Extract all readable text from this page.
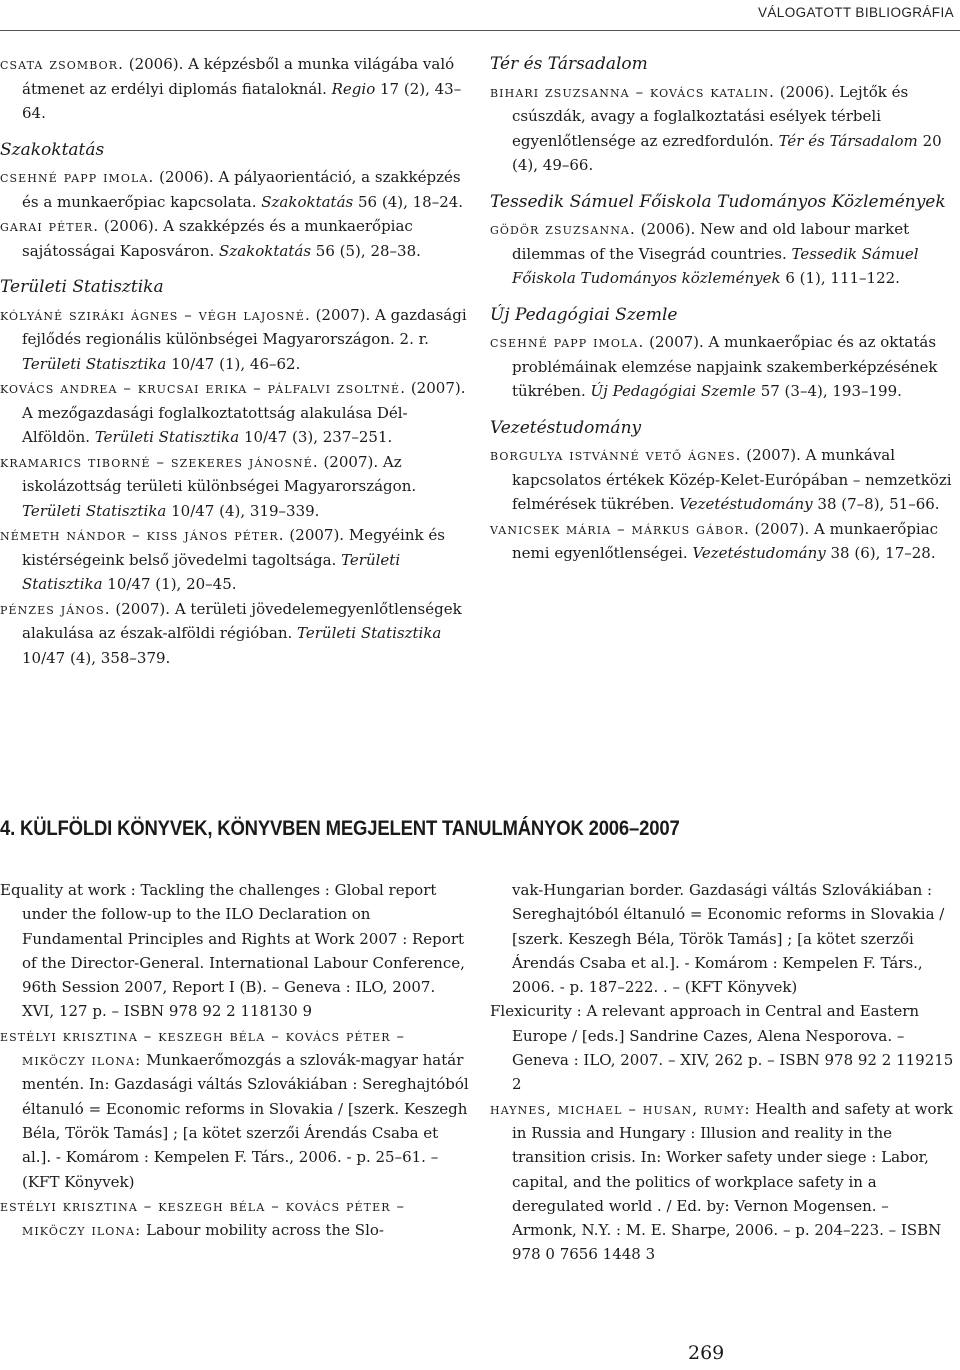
VÁLOGATOTT BIBLIOGRÁFIA

csata zsombor. (2006). A képzésből a munka világába való átmenet az erdélyi diplomás fiataloknál. Regio 17 (2), 43–64.

Szakoktatás

csehné papp imola. (2006). A pályaorientáció, a szakképzés és a munkaerőpiac kapcsolata. Szakoktatás 56 (4), 18–24.

garai péter. (2006). A szakképzés és a munkaerőpiac sajátosságai Kaposváron. Szakoktatás 56 (5), 28–38.

Területi Statisztika

kólyáné sziráki ágnes – végh lajosné. (2007). A gazdasági fejlődés regionális különbségei Magyarországon. 2. r. Területi Statisztika 10/47 (1), 46–62.

kovács andrea – krucsai erika – pálfalvi zsoltné. (2007). A mezőgazdasági foglalkoztatottság alakulása Dél-Alföldön. Területi Statisztika 10/47 (3), 237–251.

kramarics tiborné – szekeres jánosné. (2007). Az iskolázottság területi különbségei Magyarországon. Területi Statisztika 10/47 (4), 319–339.

németh nándor – kiss jános péter. (2007). Megyéink és kistérségeink belső jövedelmi tagoltsága. Területi Statisztika 10/47 (1), 20–45.

pénzes jános. (2007). A területi jövedelemegyenlőtlenségek alakulása az észak-alföldi régióban. Területi Statisztika 10/47 (4), 358–379.

Tér és Társadalom

bihari zsuzsanna – kovács katalin. (2006). Lejtők és csúszdák, avagy a foglalkoztatási esélyek térbeli egyenlőtlensége az ezredfordulón. Tér és Társadalom 20 (4), 49–66.

Tessedik Sámuel Főiskola Tudományos Közlemények

gödör zsuzsanna. (2006). New and old labour market dilemmas of the Visegrád countries. Tessedik Sámuel Főiskola Tudományos közlemények 6 (1), 111–122.

Új Pedagógiai Szemle

csehné papp imola. (2007). A munkaerőpiac és az oktatás problémáinak elemzése napjaink szakemberképzésének tükrében. Új Pedagógiai Szemle 57 (3–4), 193–199.

Vezetéstudomány

borgulya istvánné vető ágnes. (2007). A munkával kapcsolatos értékek Közép-Kelet-Európában – nemzetközi felmérések tükrében. Vezetéstudomány 38 (7–8), 51–66.

vanicsek mária – márkus gábor. (2007). A munkaerőpiac nemi egyenlőtlenségei. Vezetéstudomány 38 (6), 17–28.

4. KÜLFÖLDI KÖNYVEK, KÖNYVBEN MEGJELENT TANULMÁNYOK 2006–2007

Equality at work : Tackling the challenges : Global report under the follow-up to the ILO Declaration on Fundamental Principles and Rights at Work 2007 : Report of the Director-General. International Labour Conference, 96th Session 2007, Report I (B). – Geneva : ILO, 2007. XVI, 127 p. – ISBN 978 92 2 118130 9

estélyi krisztina – keszegh béla – kovács péter – miköczy ilona: Munkaerőmozgás a szlovák-magyar határ mentén. In: Gazdasági váltás Szlovákiában : Sereghajtóból éltanuló = Economic reforms in Slovakia / [szerk. Keszegh Béla, Török Tamás] ; [a kötet szerzői Árendás Csaba et al.]. - Komárom : Kempelen F. Társ., 2006. - p. 25–61. – (KFT Könyvek)

estélyi krisztina – keszegh béla – kovács péter – miköczy ilona: Labour mobility across the Slo-

vak-Hungarian border. Gazdasági váltás Szlovákiában : Sereghajtóból éltanuló = Economic reforms in Slovakia / [szerk. Keszegh Béla, Török Tamás] ; [a kötet szerzői Árendás Csaba et al.]. - Komárom : Kempelen F. Társ., 2006. - p. 187–222. . – (KFT Könyvek)

Flexicurity : A relevant approach in Central and Eastern Europe / [eds.] Sandrine Cazes, Alena Nesporova. – Geneva : ILO, 2007. – XIV, 262 p. – ISBN 978 92 2 119215 2

haynes, michael – husan, rumy: Health and safety at work in Russia and Hungary : Illusion and reality in the transition crisis. In: Worker safety under siege : Labor, capital, and the politics of workplace safety in a deregulated world . / Ed. by: Vernon Mogensen. – Armonk, N.Y. : M. E. Sharpe, 2006. – p. 204–223. – ISBN 978 0 7656 1448 3

269
